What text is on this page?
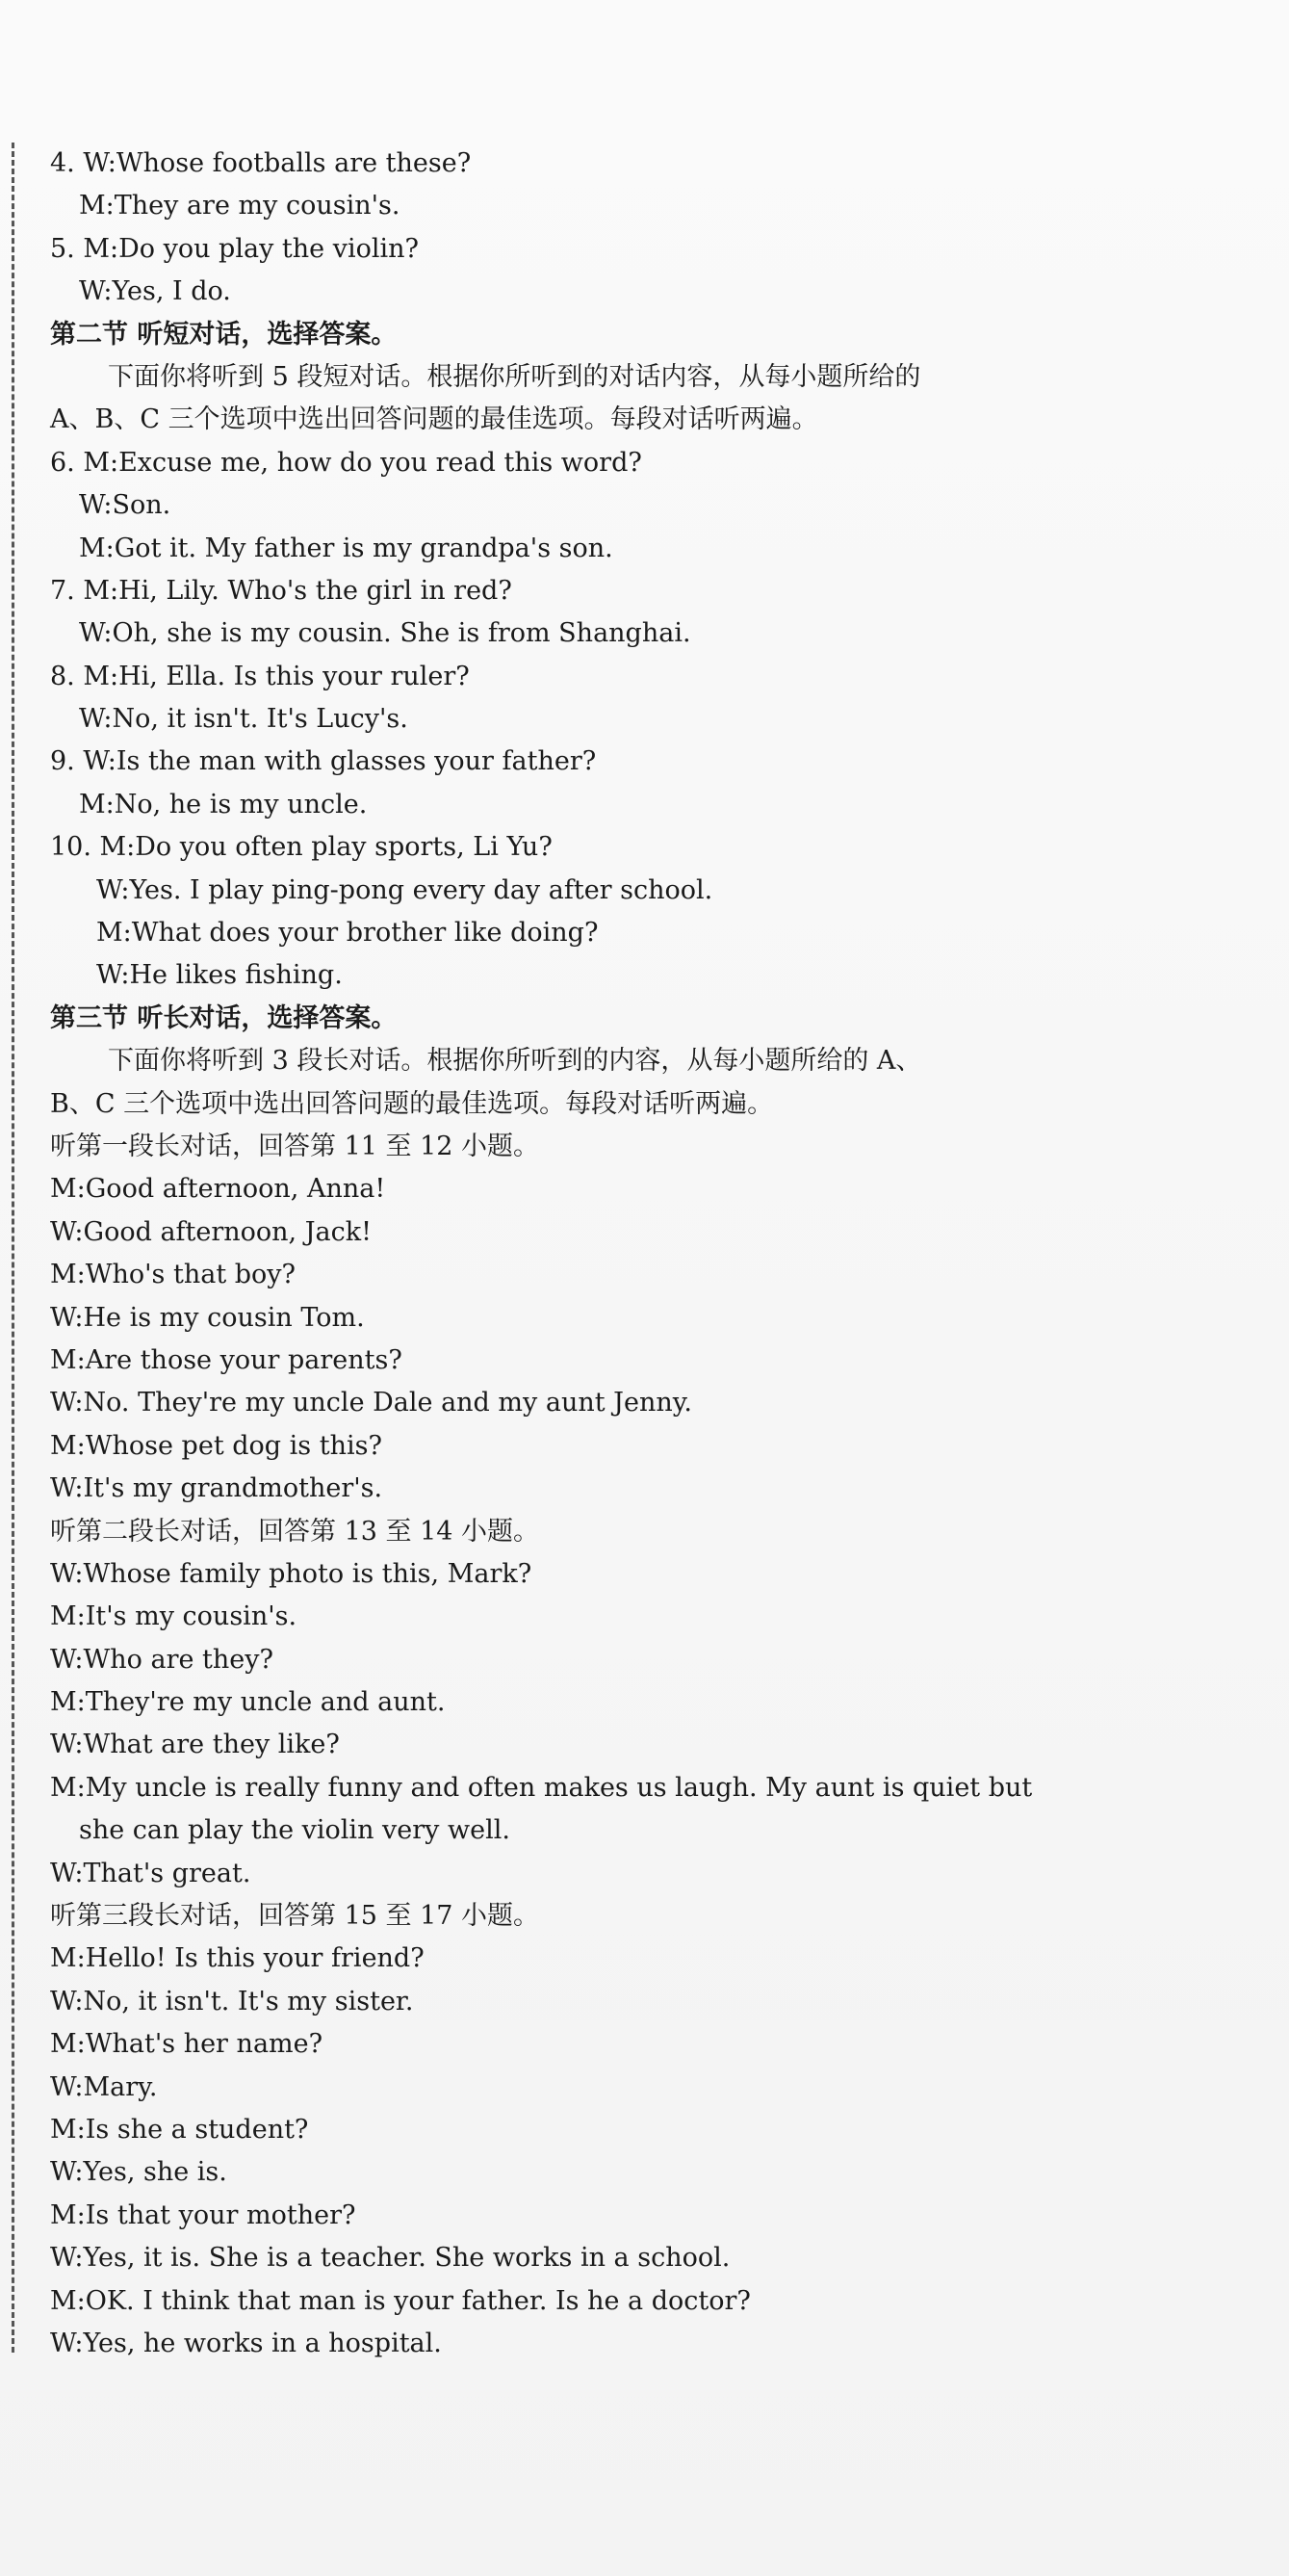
4. W:Whose footballs are these?
M:They are my cousin's.
5. M:Do you play the violin?
W:Yes, I do.
第二节 听短对话，选择答案。
下面你将听到 5 段短对话。根据你所听到的对话内容，从每小题所给的
A、B、C 三个选项中选出回答问题的最佳选项。每段对话听两遍。
6. M:Excuse me, how do you read this word?
W:Son.
M:Got it. My father is my grandpa's son.
7. M:Hi, Lily. Who's the girl in red?
W:Oh, she is my cousin. She is from Shanghai.
8. M:Hi, Ella. Is this your ruler?
W:No, it isn't. It's Lucy's.
9. W:Is the man with glasses your father?
M:No, he is my uncle.
10. M:Do you often play sports, Li Yu?
W:Yes. I play ping-pong every day after school.
M:What does your brother like doing?
W:He likes fishing.
第三节 听长对话，选择答案。
下面你将听到 3 段长对话。根据你所听到的内容，从每小题所给的 A、
B、C 三个选项中选出回答问题的最佳选项。每段对话听两遍。
听第一段长对话，回答第 11 至 12 小题。
M:Good afternoon, Anna!
W:Good afternoon, Jack!
M:Who's that boy?
W:He is my cousin Tom.
M:Are those your parents?
W:No. They're my uncle Dale and my aunt Jenny.
M:Whose pet dog is this?
W:It's my grandmother's.
听第二段长对话，回答第 13 至 14 小题。
W:Whose family photo is this, Mark?
M:It's my cousin's.
W:Who are they?
M:They're my uncle and aunt.
W:What are they like?
M:My uncle is really funny and often makes us laugh. My aunt is quiet but
she can play the violin very well.
W:That's great.
听第三段长对话，回答第 15 至 17 小题。
M:Hello! Is this your friend?
W:No, it isn't. It's my sister.
M:What's her name?
W:Mary.
M:Is she a student?
W:Yes, she is.
M:Is that your mother?
W:Yes, it is. She is a teacher. She works in a school.
M:OK. I think that man is your father. Is he a doctor?
W:Yes, he works in a hospital.
